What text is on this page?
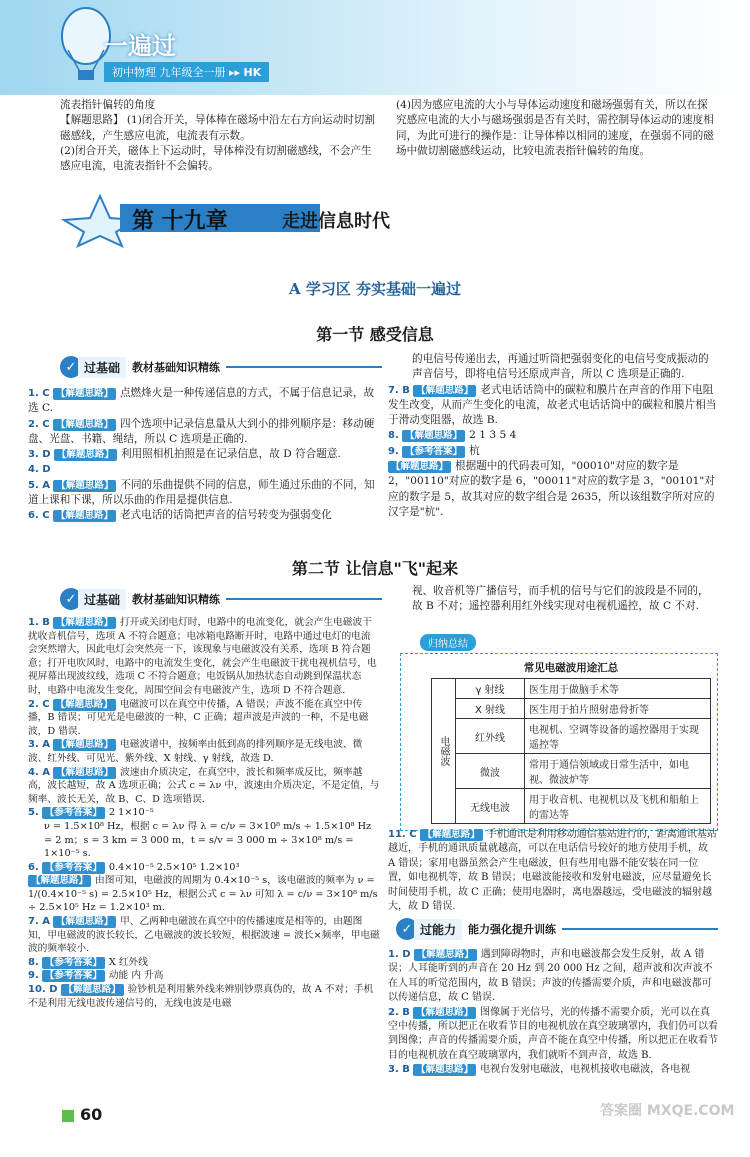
一遍过
初中物理 九年级全一册 ▸▸ HK
流表指针偏转的角度
【解题思路】 (1)闭合开关，导体棒在磁场中沿左右方向运动时切割磁感线，产生感应电流，电流表有示数。
(2)闭合开关，磁体上下运动时，导体棒没有切割磁感线，不会产生感应电流，电流表指针不会偏转。
(4)因为感应电流的大小与导体运动速度和磁场强弱有关，所以在探究感应电流的大小与磁场强弱是否有关时，需控制导体运动的速度相同，为此可进行的操作是：让导体棒以相同的速度，在强弱不同的磁场中做切割磁感线运动，比较电流表指针偏转的角度。
第 十九章	走进信息时代
A 学习区 夯实基础一遍过
第一节 感受信息
✓ 过基础	教材基础知识精练
1. C 【解题思路】 点燃烽火是一种传递信息的方式，不属于信息记录，故选 C.
2. C 【解题思路】 四个选项中记录信息量从大到小的排列顺序是：移动硬盘、光盘、书籍、绳结，所以 C 选项是正确的.
3. D 【解题思路】 利用照相机拍照是在记录信息，故 D 符合题意.
4. D
5. A 【解题思路】 不同的乐曲提供不同的信息，师生通过乐曲的不同，知道上课和下课，所以乐曲的作用是提供信息.
6. C 【解题思路】 老式电话的话筒把声音的信号转变为强弱变化
的电信号传递出去，再通过听筒把强弱变化的电信号变成振动的声音信号，即将电信号还原成声音，所以 C 选项是正确的.
7. B 【解题思路】 老式电话话筒中的碳粒和膜片在声音的作用下电阻发生改变，从而产生变化的电流，故老式电话话筒中的碳粒和膜片相当于滑动变阻器，故选 B.
8. 【解题思路】 2 1 3 5 4
9. 【参考答案】 杭
【解题思路】 根据题中的代码表可知，"00010"对应的数字是 2，"00110"对应的数字是 6，"00011"对应的数字是 3，"00101"对应的数字是 5，故其对应的数字组合是 2635，所以该组数字所对应的汉字是"杭".
第二节 让信息"飞"起来
✓ 过基础	教材基础知识精练
1. B 【解题思路】 打开或关闭电灯时，电路中的电流变化，就会产生电磁波干扰收音机信号，选项 A 不符合题意；电冰箱电路断开时，电路中通过电灯的电流会突然增大，因此电灯会突然亮一下，该现象与电磁波没有关系，选项 B 符合题意；打开电吹风时，电路中的电流发生变化，就会产生电磁波干扰电视机信号，电视屏幕出现波纹线，选项 C 不符合题意；电饭锅从加热状态自动跳到保温状态时，电路中电流发生变化，周围空间会有电磁波产生，选项 D 不符合题意.
2. C 【解题思路】 电磁波可以在真空中传播，A 错误；声波不能在真空中传播，B 错误；可见光是电磁波的一种，C 正确；超声波是声波的一种，不是电磁波，D 错误.
3. A 【解题思路】 电磁波谱中，按频率由低到高的排列顺序是无线电波、微波、红外线、可见光、紫外线、X 射线、γ 射线，故选 D.
4. A 【解题思路】 波速由介质决定，在真空中，波长和频率成反比，频率越高，波长越短，故 A 选项正确；公式 c = λν 中，波速由介质决定，不是定值，与频率、波长无关，故 B、C、D 选项错误.
5. 【参考答案】 2 1×10⁻⁵
ν = 1.5×10⁸ Hz，根据 c = λν 得 λ = c/ν = 3×10⁸ m/s ÷ 1.5×10⁸ Hz = 2 m；s = 3 km = 3 000 m，t = s/v = 3 000 m ÷ 3×10⁸ m/s = 1×10⁻⁵ s.
6. 【参考答案】 0.4×10⁻⁵ 2.5×10⁵ 1.2×10³
【解题思路】 由图可知，电磁波的周期为 0.4×10⁻⁵ s，该电磁波的频率为 ν = 1/(0.4×10⁻⁵ s) = 2.5×10⁵ Hz，根据公式 c = λν 可知 λ = c/ν = 3×10⁸ m/s ÷ 2.5×10⁵ Hz = 1.2×10³ m.
7. A 【解题思路】 甲、乙两种电磁波在真空中的传播速度是相等的，由题图知，甲电磁波的波长较长，乙电磁波的波长较短，根据波速 = 波长×频率，甲电磁波的频率较小.
8. 【参考答案】 X 红外线
9. 【参考答案】 动能 内 升高
10. D 【解题思路】 验钞机是利用紫外线来辨别钞票真伪的，故 A 不对；手机不是利用无线电波传递信号的，无线电波是电磁
视、收音机等广播信号，而手机的信号与它们的波段是不同的，故 B 不对；遥控器利用红外线实现对电视机遥控，故 C 不对.
归纳总结
常见电磁波用途汇总
电磁波	γ 射线	医生用于做脑手术等
	X 射线	医生用于拍片照射患骨折等
	红外线	电视机、空调等设备的遥控器用于实现遥控等
	微波	常用于通信领域或日常生活中，如电视、微波炉等
	无线电波	用于收音机、电视机以及飞机和船舶上的雷达等
11. C 【解题思路】 手机通讯是利用移动通信基站进行的，距离通讯基站越近，手机的通讯质量就越高，可以在电话信号较好的地方使用手机，故 A 错误；家用电器虽然会产生电磁波，但有些用电器不能安装在同一位置，如电视机等，故 B 错误；电磁波能接收和发射电磁波，应尽量避免长时间使用手机，故 C 正确；使用电器时，离电器越远，受电磁波的辐射越大，故 D 错误.
✓ 过能力	能力强化提升训练
1. D 【解题思路】 遇到障碍物时，声和电磁波都会发生反射，故 A 错误；人耳能听到的声音在 20 Hz 到 20 000 Hz 之间，超声波和次声波不在人耳的听觉范围内，故 B 错误；声波的传播需要介质，声和电磁波都可以传递信息，故 C 错误.
2. B 【解题思路】 图像属于光信号，光的传播不需要介质，光可以在真空中传播，所以把正在收看节目的电视机放在真空玻璃罩内，我们仍可以看到图像；声音的传播需要介质，声音不能在真空中传播，所以把正在收看节目的电视机放在真空玻璃罩内，我们就听不到声音，故选 B.
3. B 【解题思路】 电视台发射电磁波，电视机接收电磁波，各电视
60	答案圈 MXQE.COM
